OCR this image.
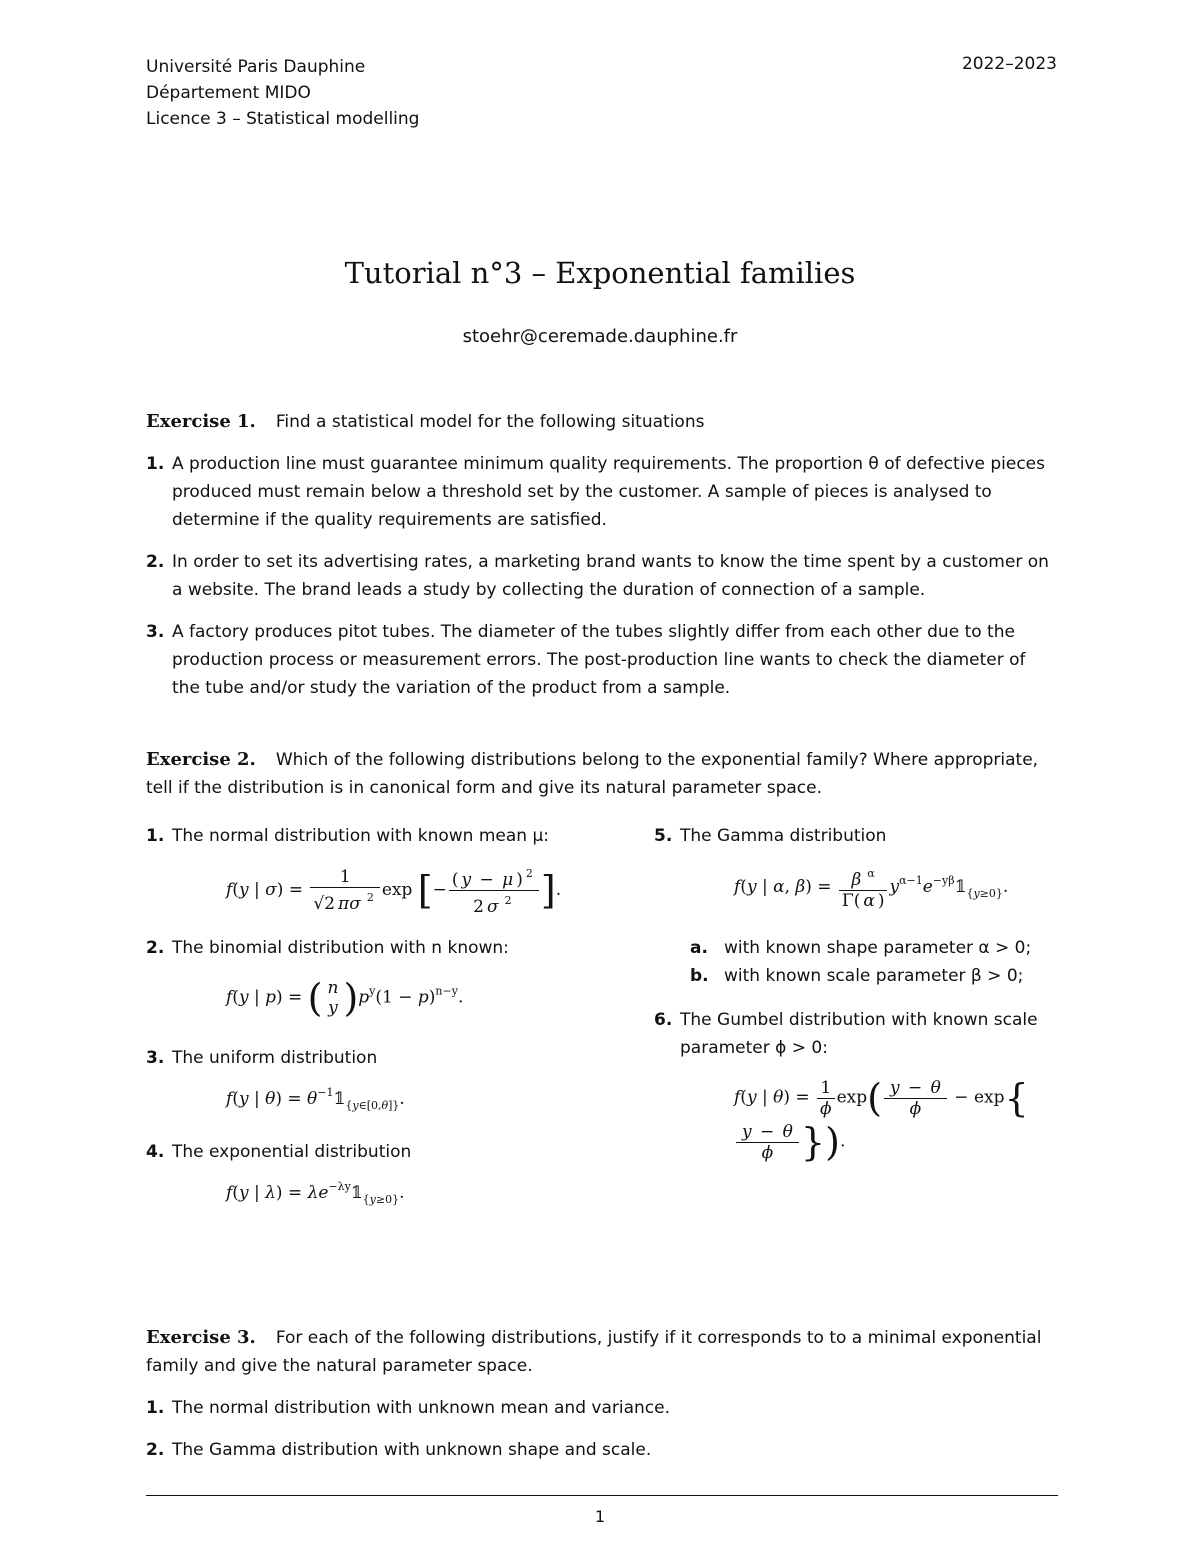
Université Paris Dauphine
Département MIDO
Licence 3 – Statistical modelling
2022–2023
Tutorial n°3 – Exponential families
stoehr@ceremade.dauphine.fr
Exercise 1. Find a statistical model for the following situations
1. A production line must guarantee minimum quality requirements. The proportion θ of defective pieces produced must remain below a threshold set by the customer. A sample of pieces is analysed to determine if the quality requirements are satisfied.
2. In order to set its advertising rates, a marketing brand wants to know the time spent by a customer on a website. The brand leads a study by collecting the duration of connection of a sample.
3. A factory produces pitot tubes. The diameter of the tubes slightly differ from each other due to the production process or measurement errors. The post-production line wants to check the diameter of the tube and/or study the variation of the product from a sample.
Exercise 2. Which of the following distributions belong to the exponential family? Where appropriate, tell if the distribution is in canonical form and give its natural parameter space.
1. The normal distribution with known mean μ:
f(y | $\sigma) = \frac{1}{√2 \pi\sigma ^2}$ exp [− $\frac{( y - \mu ) ^2}{2 \sigma ^2}$ ].
2. The binomial distribution with n known:
f(y | p) = ( n
y )$p^y(1 - p)^{n-y}$.
3. The uniform distribution
f(y | $\theta) = \theta^{-1}𝟙_{\{y\in[0,\theta]\}}$.
4. The exponential distribution
f(y | $\lambda) = \lambda e^{-\lambda y}𝟙_{\{y\ge 0\}}$.
5. The Gamma distribution
f(y | α, $\beta) = \frac{\beta ^\alpha}{\Gamma( \alpha )}$ $y^{\alpha-1}e^{-y\beta}𝟙_{\{y\ge 0\}}$.
a. with known shape parameter α > 0;
b. with known scale parameter β > 0;
6. The Gumbel distribution with known scale parameter ϕ > 0:
f(y | $\theta) = \frac{1}{\phi} \exp( \frac{y - \theta}{\phi} - \exp${
$\frac{y - \theta}{\phi}$ }).
Exercise 3. For each of the following distributions, justify if it corresponds to to a minimal exponential family and give the natural parameter space.
1. The normal distribution with unknown mean and variance.
2. The Gamma distribution with unknown shape and scale.
1
